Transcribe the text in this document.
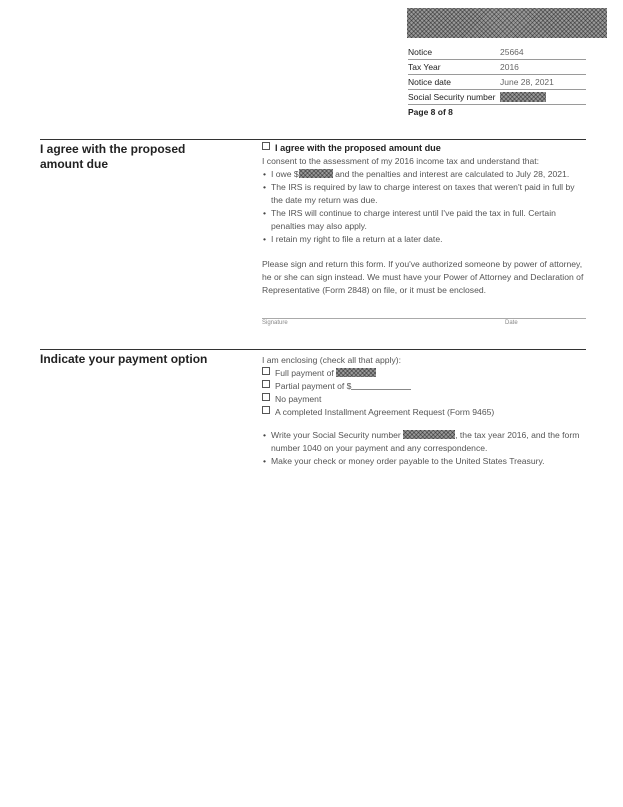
Notice	25664
Tax Year	2016
Notice date	June 28, 2021
Social Security number
Page 8 of 8
I agree with the proposed amount due
I agree with the proposed amount due
I consent to the assessment of my 2016 income tax and understand that:
• I owe $	and the penalties and interest are calculated to July 28, 2021.
• The IRS is required by law to charge interest on taxes that weren't paid in full by the date my return was due.
• The IRS will continue to charge interest until I've paid the tax in full. Certain penalties may also apply.
• I retain my right to file a return at a later date.
Please sign and return this form. If you've authorized someone by power of attorney, he or she can sign instead. We must have your Power of Attorney and Declaration of Representative (Form 2848) on file, or it must be enclosed.
Signature	Date
Indicate your payment option	I am enclosing (check all that apply):
Full payment of
Partial payment of $
No payment
A completed Installment Agreement Request (Form 9465)
• Write your Social Security number	, the tax year 2016, and the form number 1040 on your payment and any correspondence.
• Make your check or money order payable to the United States Treasury.
